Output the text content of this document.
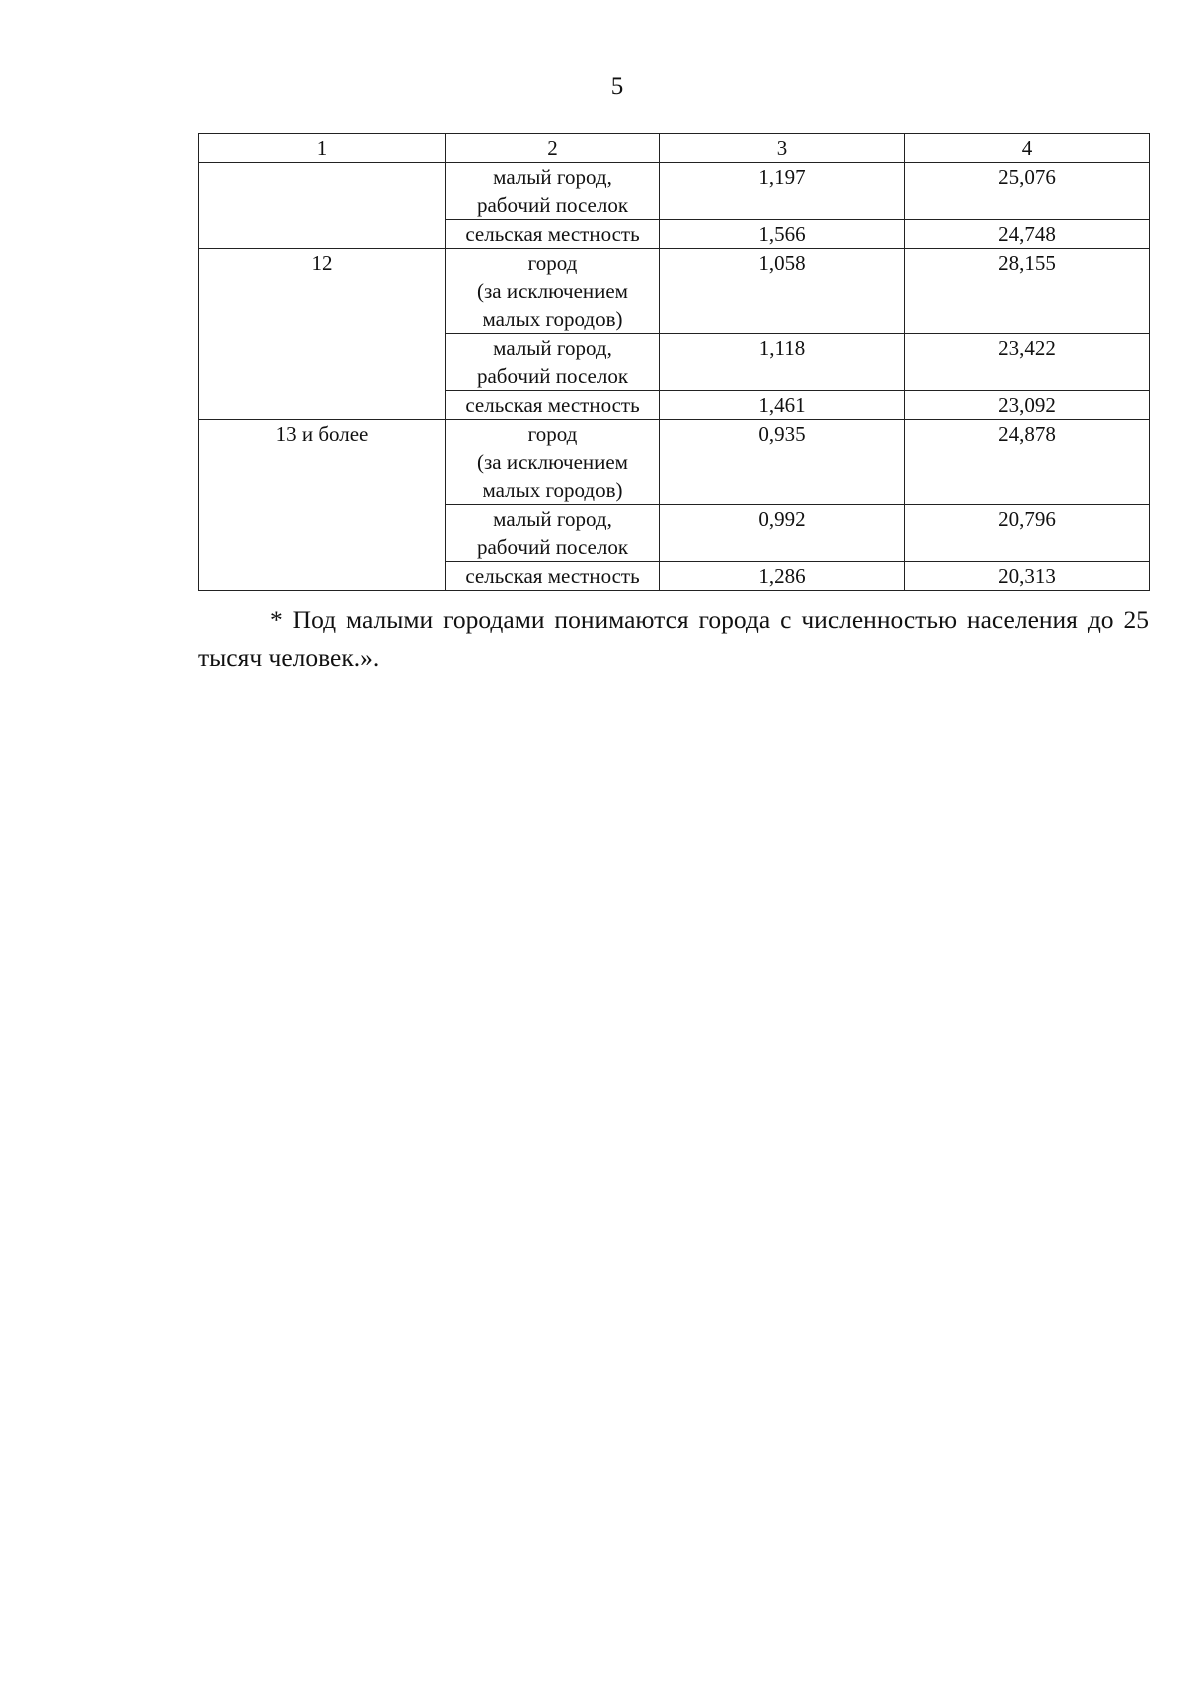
5
1	2	3	4

	малый город,
рабочий поселок	1,197	25,076

	сельская местность	1,566	24,748
12	город
(за исключением
малых городов)	1,058	28,155

	малый город,
рабочий поселок	1,118	23,422

	сельская местность	1,461	23,092
13 и более	город
(за исключением
малых городов)	0,935	24,878

	малый город,
рабочий поселок	0,992	20,796

	сельская местность	1,286	20,313
* Под малыми городами понимаются города с численностью населения до 25 тысяч человек.».
